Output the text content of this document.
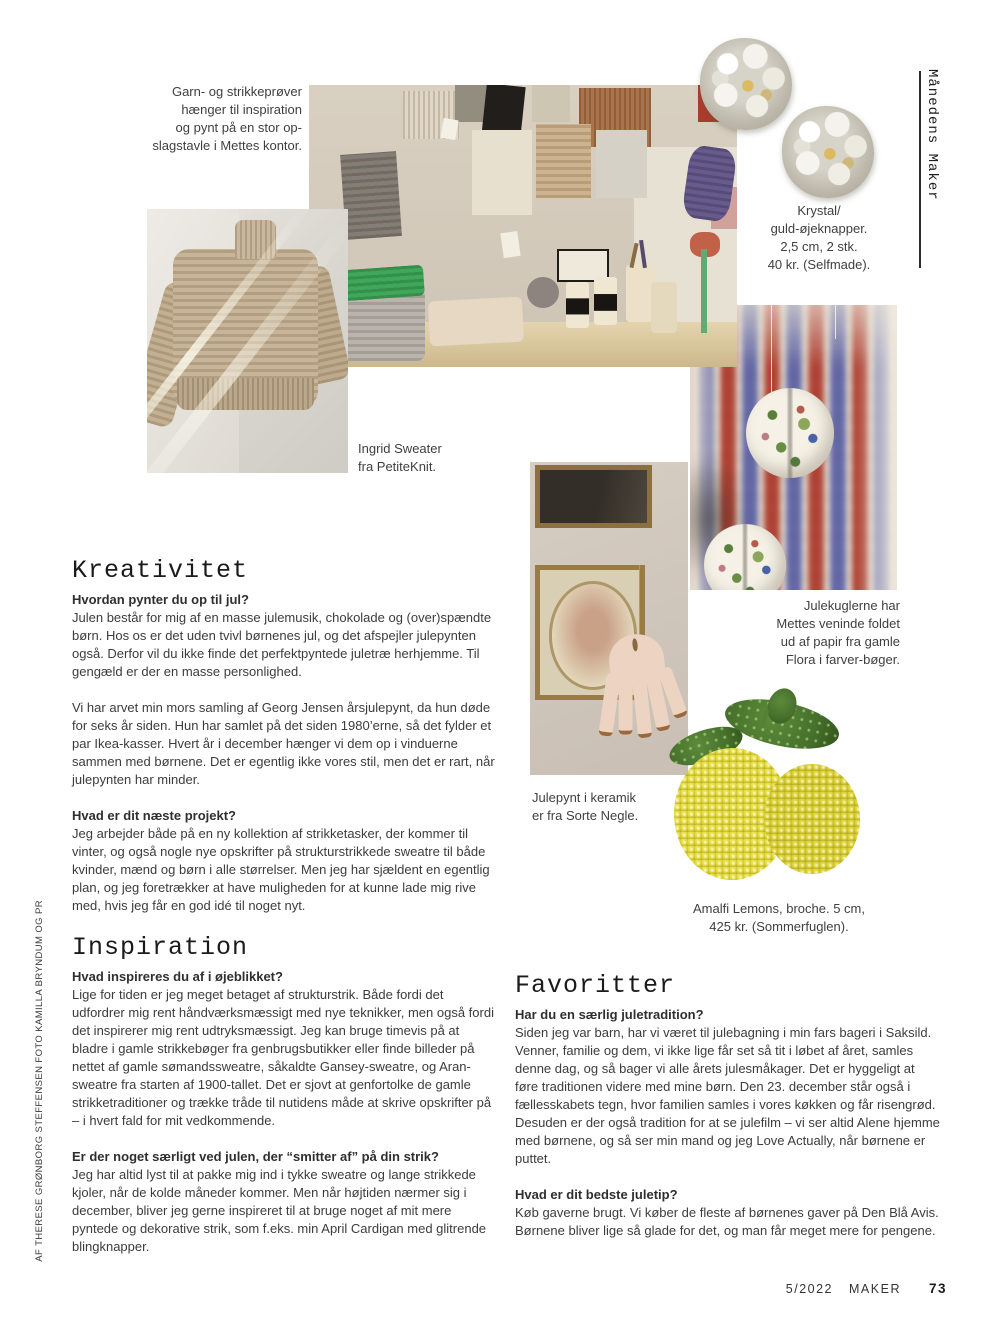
Garn- og strikkeprøver
hænger til inspiration
og pynt på en stor op-
slagstavle i Mettes kontor.
Krystal/
guld-øjeknapper.
2,5 cm, 2 stk.
40 kr. (Selfmade).
Månedens Maker
Ingrid Sweater
fra PetiteKnit.
Julekuglerne har
Mettes veninde foldet
ud af papir fra gamle
Flora i farver-bøger.
Julepynt i keramik
er fra Sorte Negle.
Amalfi Lemons, broche. 5 cm,
425 kr. (Sommerfuglen).
Kreativitet

Hvordan pynter du op til jul?

Julen består for mig af en masse julemusik, chokolade og (over)spændte børn. Hos os er det uden tvivl børnenes jul, og det afspejler julepynten også. Derfor vil du ikke finde det perfektpyntede juletræ herhjemme. Til gengæld er der en masse personlighed.

Vi har arvet min mors samling af Georg Jensen årsjulepynt, da hun døde for seks år siden. Hun har samlet på det siden 1980’erne, så det fylder et par Ikea-kasser. Hvert år i december hænger vi dem op i vinduerne sammen med børnene. Det er egentlig ikke vores stil, men det er rart, når julepynten har minder.

Hvad er dit næste projekt?

Jeg arbejder både på en ny kollektion af strikketasker, der kommer til vinter, og også nogle nye opskrifter på strukturstrikkede sweatre til både kvinder, mænd og børn i alle størrelser. Men jeg har sjældent en egentlig plan, og jeg foretrækker at have muligheden for at kunne lade mig rive med, hvis jeg får en god idé til noget nyt.

Inspiration

Hvad inspireres du af i øjeblikket?

Lige for tiden er jeg meget betaget af strukturstrik. Både fordi det udfordrer mig rent håndværksmæssigt med nye teknikker, men også fordi det inspirerer mig rent udtryksmæssigt. Jeg kan bruge timevis på at bladre i gamle strikkebøger fra genbrugsbutikker eller finde billeder på nettet af gamle sømandssweatre, såkaldte Gansey-sweatre, og Aran-sweatre fra starten af 1900-tallet. Det er sjovt at genfortolke de gamle strikketraditioner og trække tråde til nutidens måde at skrive opskrifter på – i hvert fald for mit vedkommende.

Er der noget særligt ved julen, der “smitter af” på din strik?

Jeg har altid lyst til at pakke mig ind i tykke sweatre og lange strikkede kjoler, når de kolde måneder kommer. Men når højtiden nærmer sig i december, bliver jeg gerne inspireret til at bruge noget af mit mere pyntede og dekorative strik, som f.eks. min April Cardigan med glitrende blingknapper.

Favoritter

Har du en særlig juletradition?

Siden jeg var barn, har vi været til julebagning i min fars bageri i Saksild. Venner, familie og dem, vi ikke lige får set så tit i løbet af året, samles denne dag, og så bager vi alle årets julesmåkager. Det er hyggeligt at føre traditionen videre med mine børn. Den 23. december står også i fællesskabets tegn, hvor familien samles i vores køkken og får risengrød. Desuden er der også tradition for at se julefilm – vi ser altid Alene hjemme med børnene, og så ser min mand og jeg Love Actually, når børnene er puttet.

Hvad er dit bedste juletip?

Køb gaverne brugt. Vi køber de fleste af børnenes gaver på Den Blå Avis. Børnene bliver lige så glade for det, og man får meget mere for pengene.

AF THERESE GRØNBORG STEFFENSEN FOTO KAMILLA BRYNDUM OG PR
5/2022 MAKER 73
